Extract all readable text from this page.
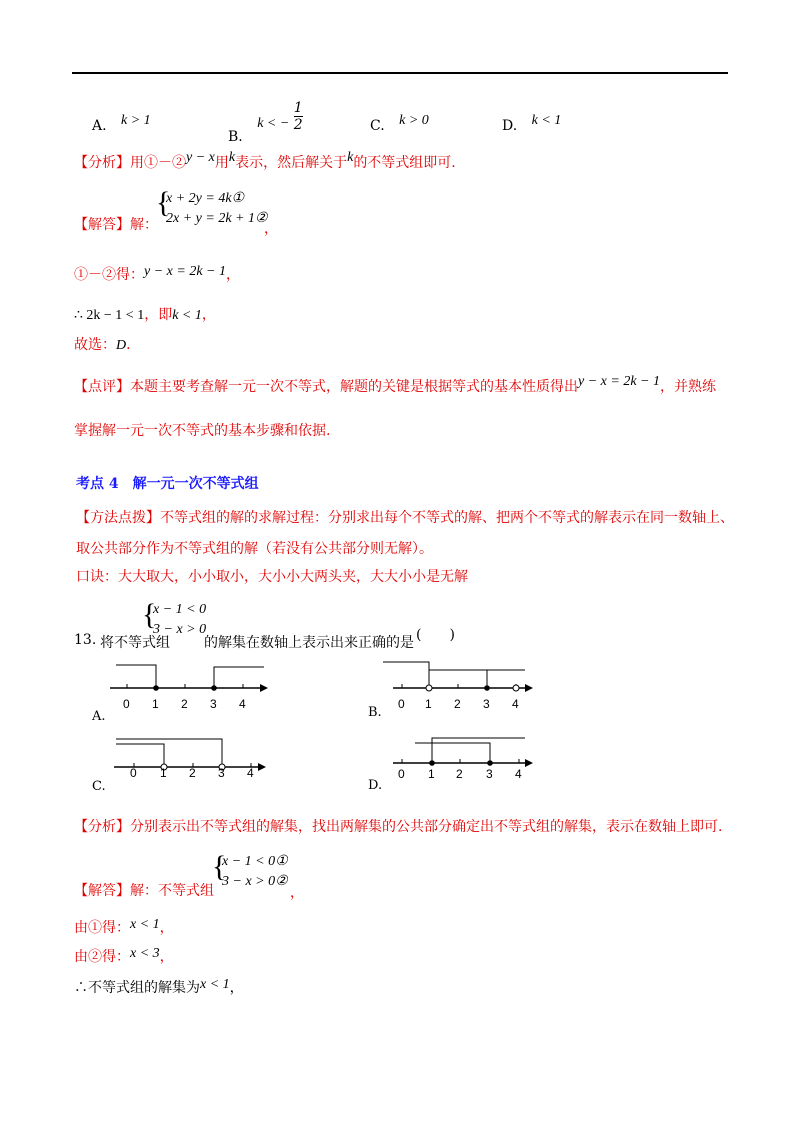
A. k > 1
B. k < − $\frac{1}{2}$	C. k > 0	D. k < 1
【分析】用①－②y − x用k表示，然后解关于k的不等式组即可.
【解答】解：
{
x + 2y = 4k①
2x + y = 2k + 1②
，
①－②得：y − x = 2k − 1，
∴ 2k − 1 < 1，即k < 1，
故选：D.
【点评】本题主要考查解一元一次不等式，解题的关键是根据等式的基本性质得出y − x = 2k − 1，并熟练
掌握解一元一次不等式的基本步骤和依据.
考点 4　解一元一次不等式组
【方法点拨】不等式组的解的求解过程：分别求出每个不等式的解、把两个不等式的解表示在同一数轴上、
取公共部分作为不等式组的解（若没有公共部分则无解）。
口诀：大大取大，小小取小，大小小大两头夹，大大小小是无解
13. 将不等式组
{
x − 1 < 0
3 − x > 0
的解集在数轴上表示出来正确的是 (　　)
0 1 2 3 4
A.
0 1 2 3 4
B.
0 1 2 3 4
C.
0 1 2 3 4
D.
【分析】分别表示出不等式组的解集，找出两解集的公共部分确定出不等式组的解集，表示在数轴上即可.
【解答】解：不等式组
{
x − 1 < 0①
3 − x > 0②
，
由①得：x < 1，
由②得：x < 3，
∴不等式组的解集为x < 1，
